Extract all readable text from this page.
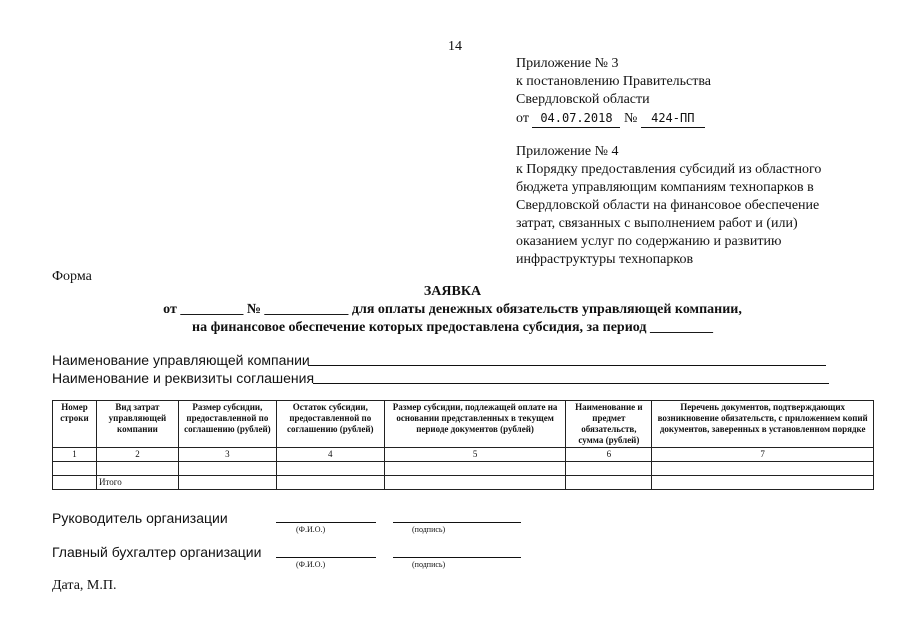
14
Приложение № 3
к постановлению Правительства
Свердловской области
от 04.07.2018 № 424-ПП
Приложение № 4
к Порядку предоставления субсидий из областного
бюджета управляющим компаниям технопарков в
Свердловской области на финансовое обеспечение
затрат, связанных с выполнением работ и (или)
оказанием услуг по содержанию и развитию
инфраструктуры технопарков
Форма
ЗАЯВКА
от _________ № ____________ для оплаты денежных обязательств управляющей компании,
на финансовое обеспечение которых предоставлена субсидия, за период _________
Наименование управляющей компании
Наименование и реквизиты соглашения
Номер строки	Вид затрат управляющей компании	Размер субсидии, предоставленной по соглашению (рублей)	Остаток субсидии, предоставленной по соглашению (рублей)	Размер субсидии, подлежащей оплате на основании представленных в текущем периоде документов (рублей)	Наименование и предмет обязательств, сумма (рублей)	Перечень документов, подтверждающих возникновение обязательств, с приложением копий документов, заверенных в установленном порядке
1	2	3	4	5	6	7

	Итого					
Руководитель организации
(Ф.И.О.)	(подпись)
Главный бухгалтер организации
(Ф.И.О.)	(подпись)
Дата, М.П.
